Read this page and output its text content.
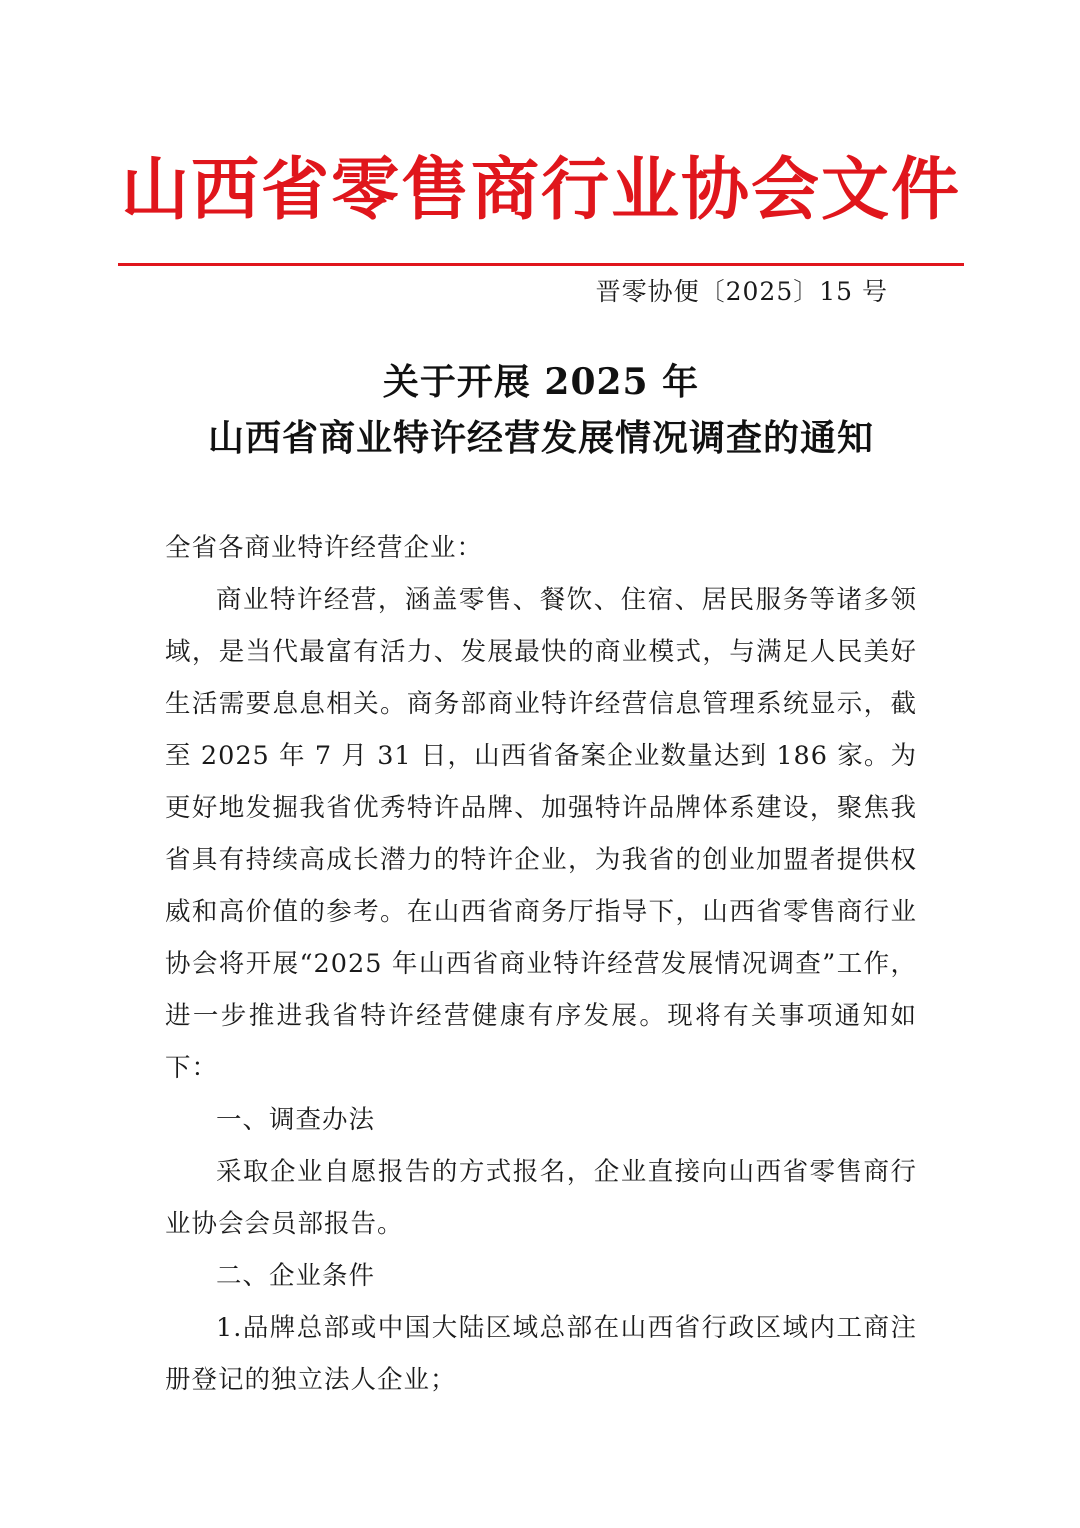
山西省零售商行业协会文件
晋零协便〔2025〕15 号
关于开展 2025 年
山西省商业特许经营发展情况调查的通知

全省各商业特许经营企业：

商业特许经营，涵盖零售、餐饮、住宿、居民服务等诸多领域，是当代最富有活力、发展最快的商业模式，与满足人民美好生活需要息息相关。商务部商业特许经营信息管理系统显示，截至 2025 年 7 月 31 日，山西省备案企业数量达到 186 家。为更好地发掘我省优秀特许品牌、加强特许品牌体系建设，聚焦我省具有持续高成长潜力的特许企业，为我省的创业加盟者提供权威和高价值的参考。在山西省商务厅指导下，山西省零售商行业协会将开展“2025 年山西省商业特许经营发展情况调查”工作，进一步推进我省特许经营健康有序发展。现将有关事项通知如下：

一、调查办法

采取企业自愿报告的方式报名，企业直接向山西省零售商行业协会会员部报告。

二、企业条件

1.品牌总部或中国大陆区域总部在山西省行政区域内工商注册登记的独立法人企业；
